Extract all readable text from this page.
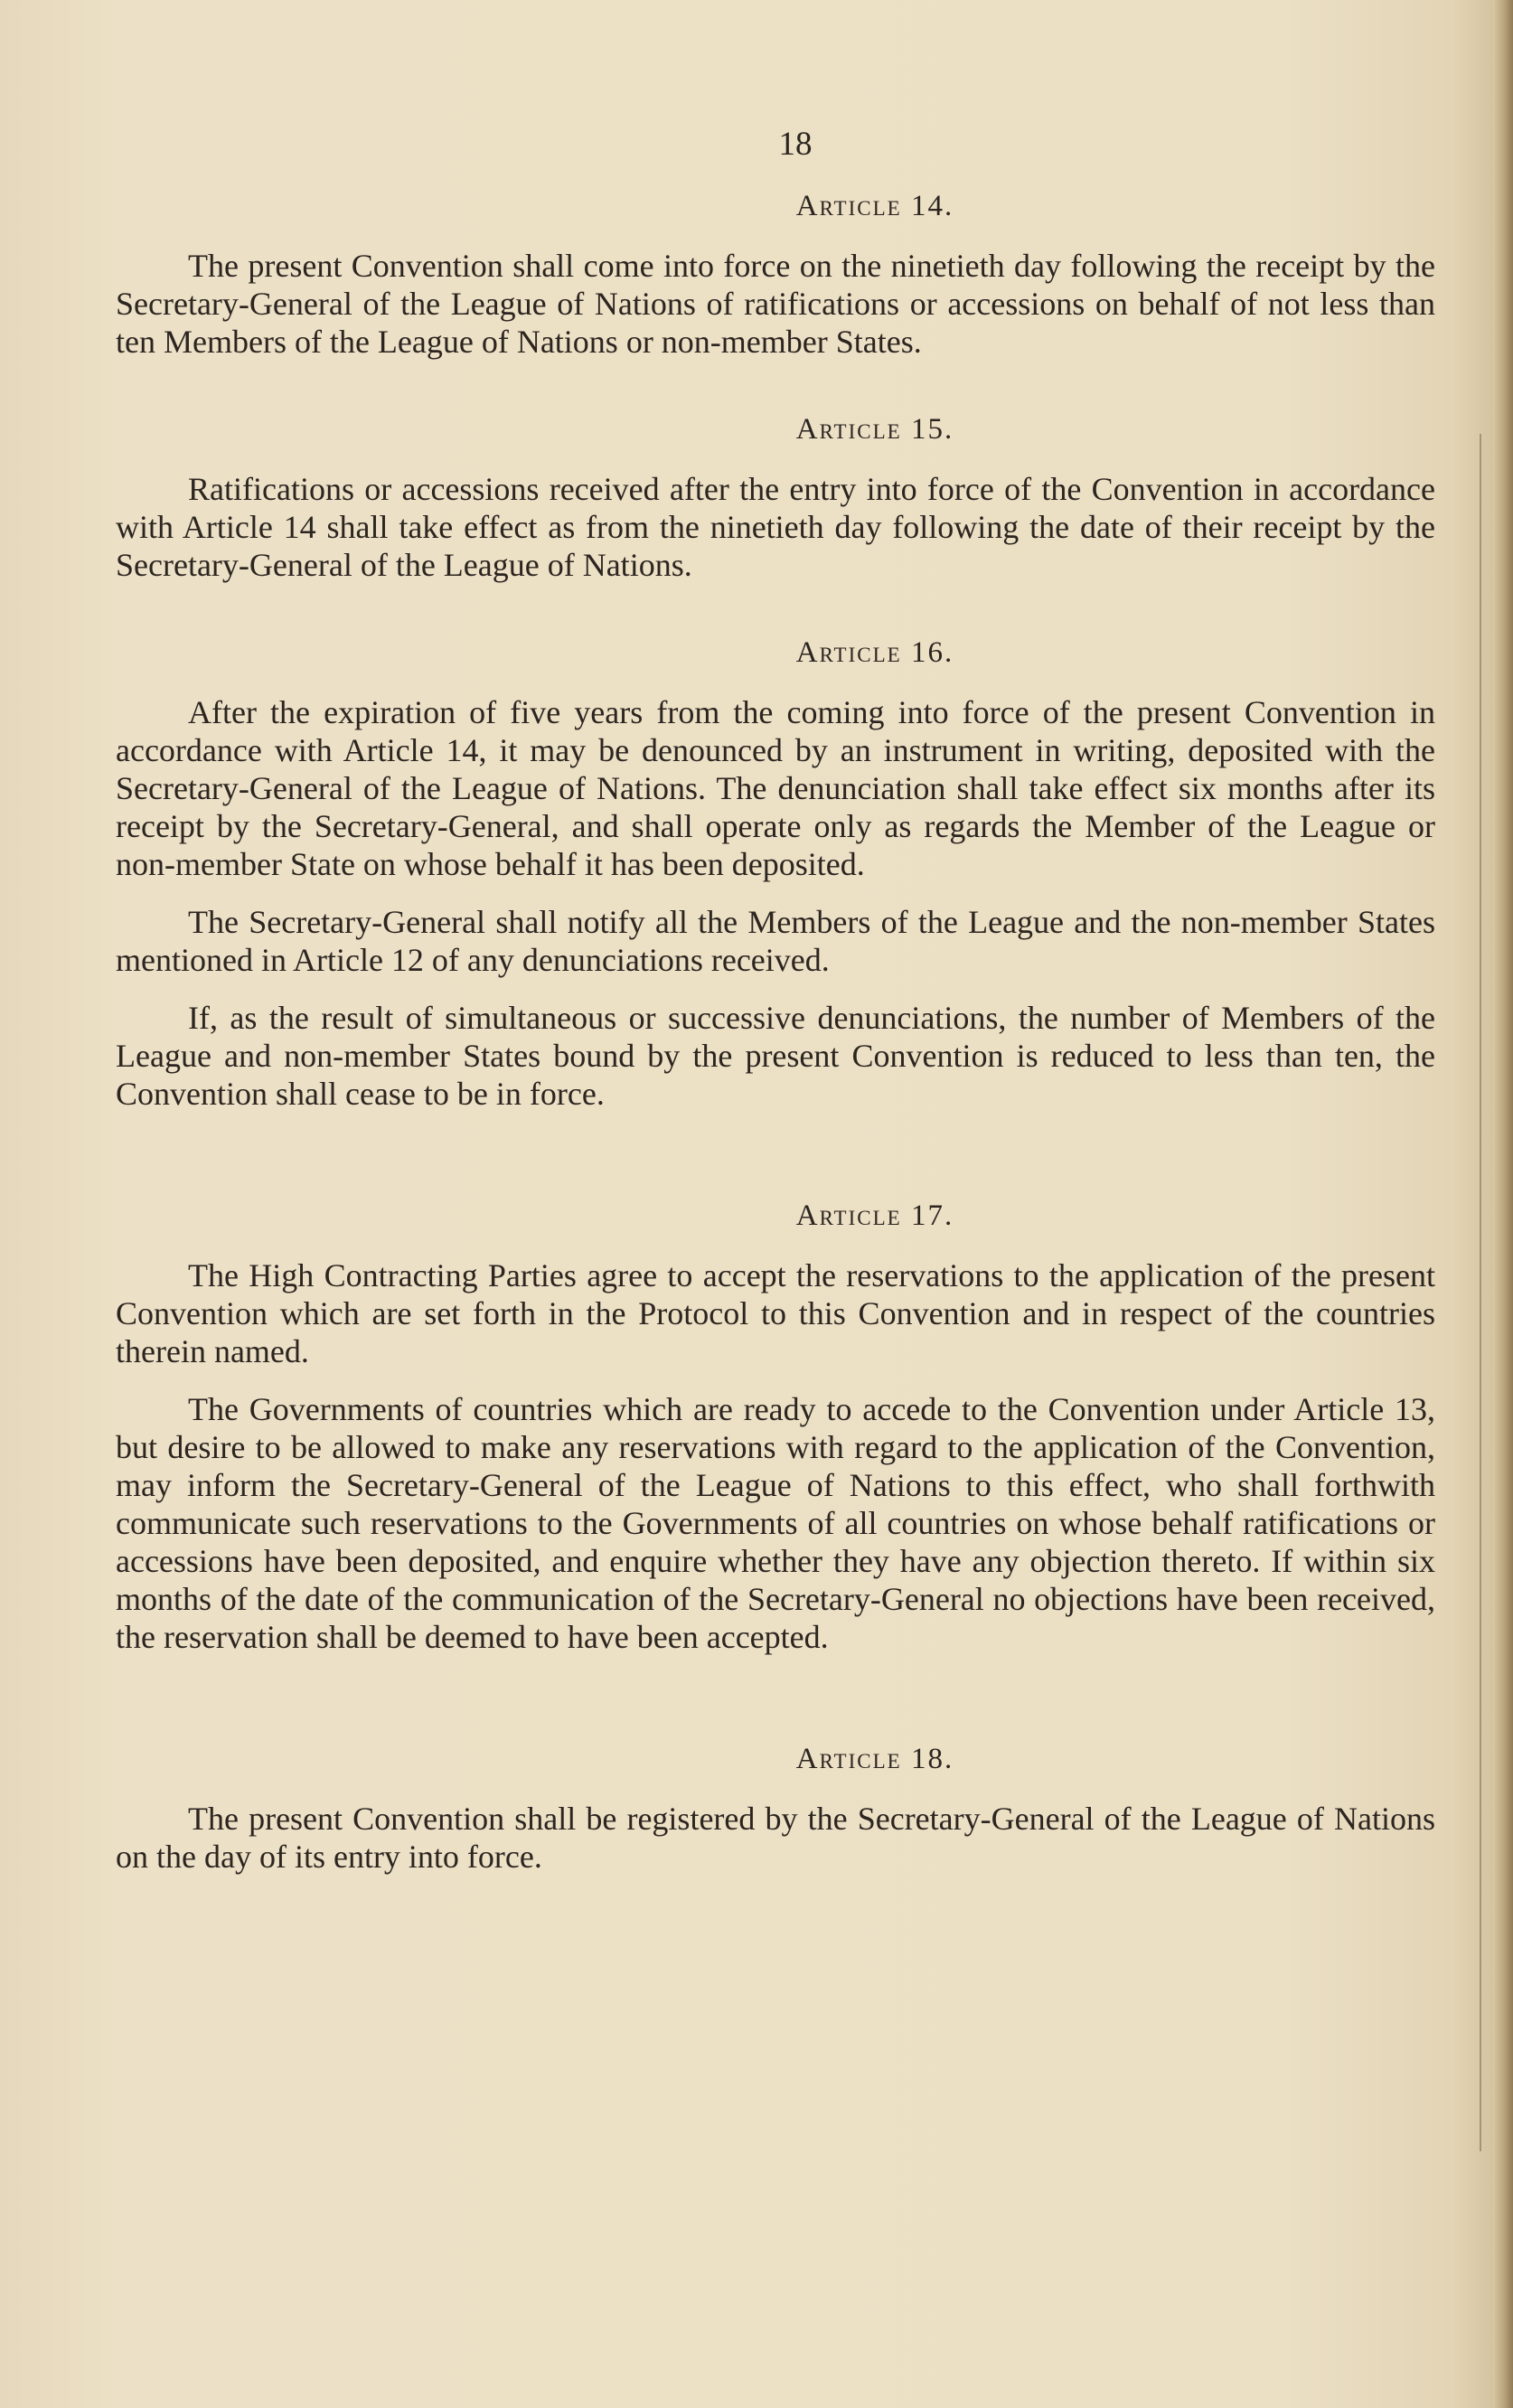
18
Article 14.

The present Convention shall come into force on the ninetieth day following the receipt by the Secretary-General of the League of Nations of ratifications or accessions on behalf of not less than ten Members of the League of Nations or non-member States.

Article 15.

Ratifications or accessions received after the entry into force of the Convention in accordance with Article 14 shall take effect as from the ninetieth day following the date of their receipt by the Secretary-General of the League of Nations.

Article 16.

After the expiration of five years from the coming into force of the present Convention in accordance with Article 14, it may be denounced by an instrument in writing, deposited with the Secretary-General of the League of Nations. The denunciation shall take effect six months after its receipt by the Secretary-General, and shall operate only as regards the Member of the League or non-member State on whose behalf it has been deposited.

The Secretary-General shall notify all the Members of the League and the non-member States mentioned in Article 12 of any denunciations received.

If, as the result of simultaneous or successive denunciations, the number of Members of the League and non-member States bound by the present Convention is reduced to less than ten, the Convention shall cease to be in force.

Article 17.

The High Contracting Parties agree to accept the reservations to the application of the present Convention which are set forth in the Protocol to this Convention and in respect of the countries therein named.

The Governments of countries which are ready to accede to the Convention under Article 13, but desire to be allowed to make any reservations with regard to the application of the Convention, may inform the Secretary-General of the League of Nations to this effect, who shall forthwith communicate such reservations to the Governments of all countries on whose behalf ratifications or accessions have been deposited, and enquire whether they have any objection thereto. If within six months of the date of the communication of the Secretary-General no objections have been received, the reservation shall be deemed to have been accepted.

Article 18.

The present Convention shall be registered by the Secretary-General of the League of Nations on the day of its entry into force.
